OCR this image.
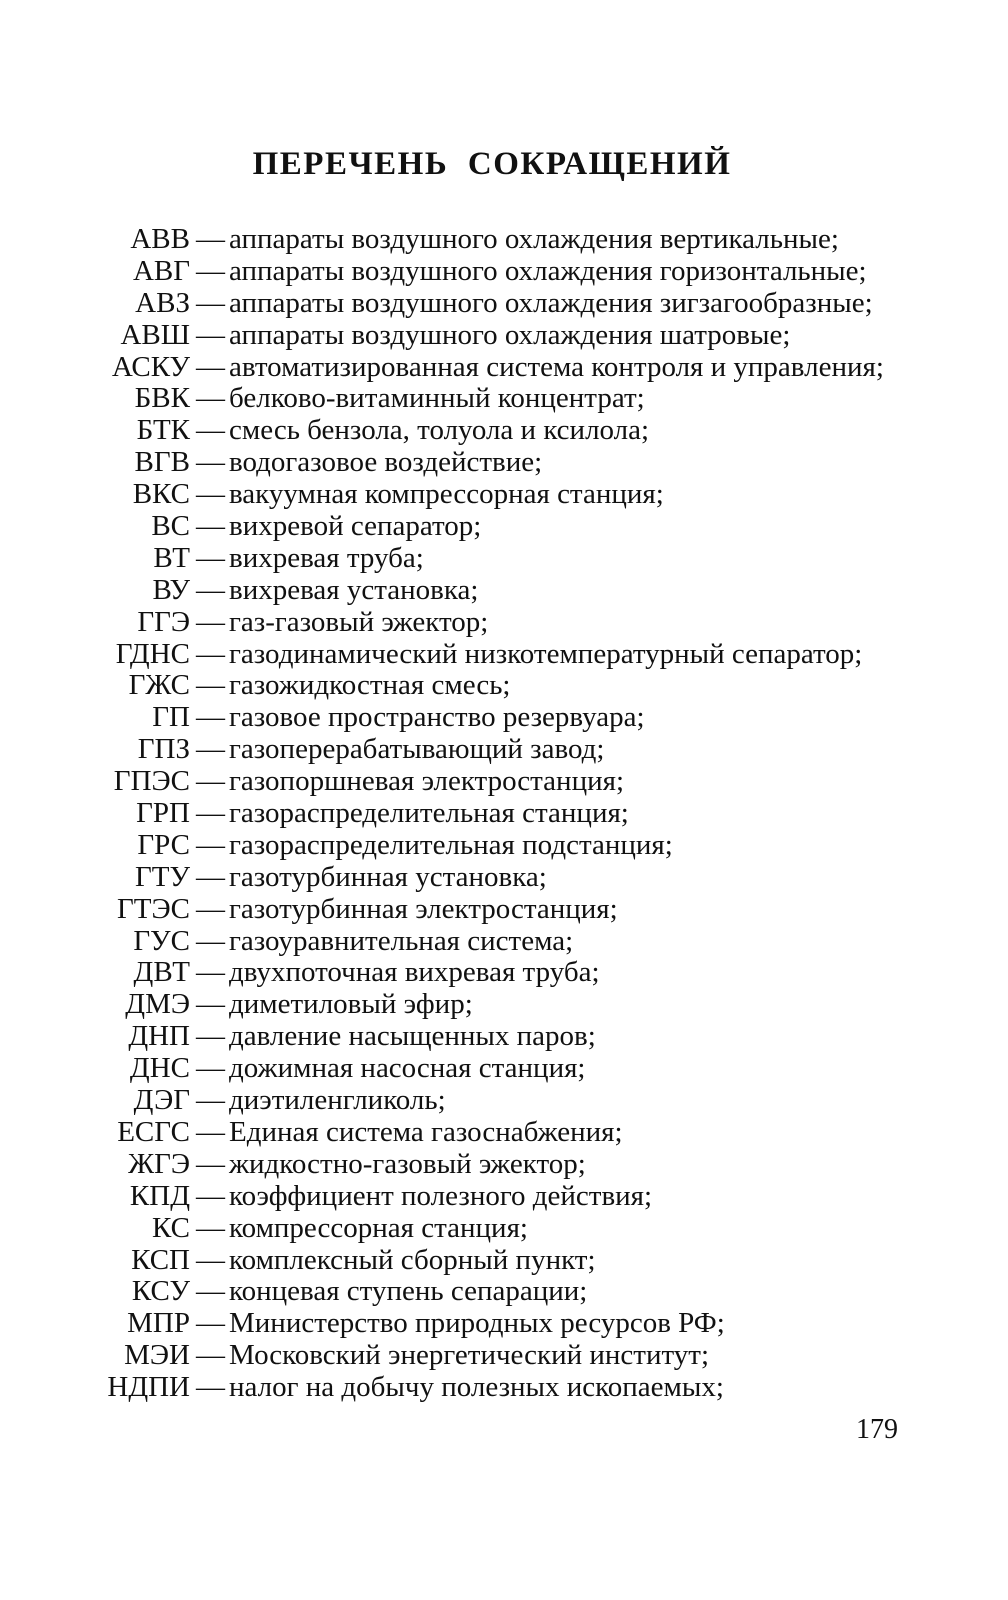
ПЕРЕЧЕНЬ СОКРАЩЕНИЙ
АВВ — аппараты воздушного охлаждения вертикальные;
АВГ — аппараты воздушного охлаждения горизонтальные;
АВЗ — аппараты воздушного охлаждения зигзагообразные;
АВШ — аппараты воздушного охлаждения шатровые;
АСКУ — автоматизированная система контроля и управления;
БВК — белково-витаминный концентрат;
БТК — смесь бензола, толуола и ксилола;
ВГВ — водогазовое воздействие;
ВКС — вакуумная компрессорная станция;
ВС — вихревой сепаратор;
ВТ — вихревая труба;
ВУ — вихревая установка;
ГГЭ — газ-газовый эжектор;
ГДНС — газодинамический низкотемпературный сепаратор;
ГЖС — газожидкостная смесь;
ГП — газовое пространство резервуара;
ГПЗ — газоперерабатывающий завод;
ГПЭС — газопоршневая электростанция;
ГРП — газораспределительная станция;
ГРС — газораспределительная подстанция;
ГТУ — газотурбинная установка;
ГТЭС — газотурбинная электростанция;
ГУС — газоуравнительная система;
ДВТ — двухпоточная вихревая труба;
ДМЭ — диметиловый эфир;
ДНП — давление насыщенных паров;
ДНС — дожимная насосная станция;
ДЭГ — диэтиленгликоль;
ЕСГС — Единая система газоснабжения;
ЖГЭ — жидкостно-газовый эжектор;
КПД — коэффициент полезного действия;
КС — компрессорная станция;
КСП — комплексный сборный пункт;
КСУ — концевая ступень сепарации;
МПР — Министерство природных ресурсов РФ;
МЭИ — Московский энергетический институт;
НДПИ — налог на добычу полезных ископаемых;
179
